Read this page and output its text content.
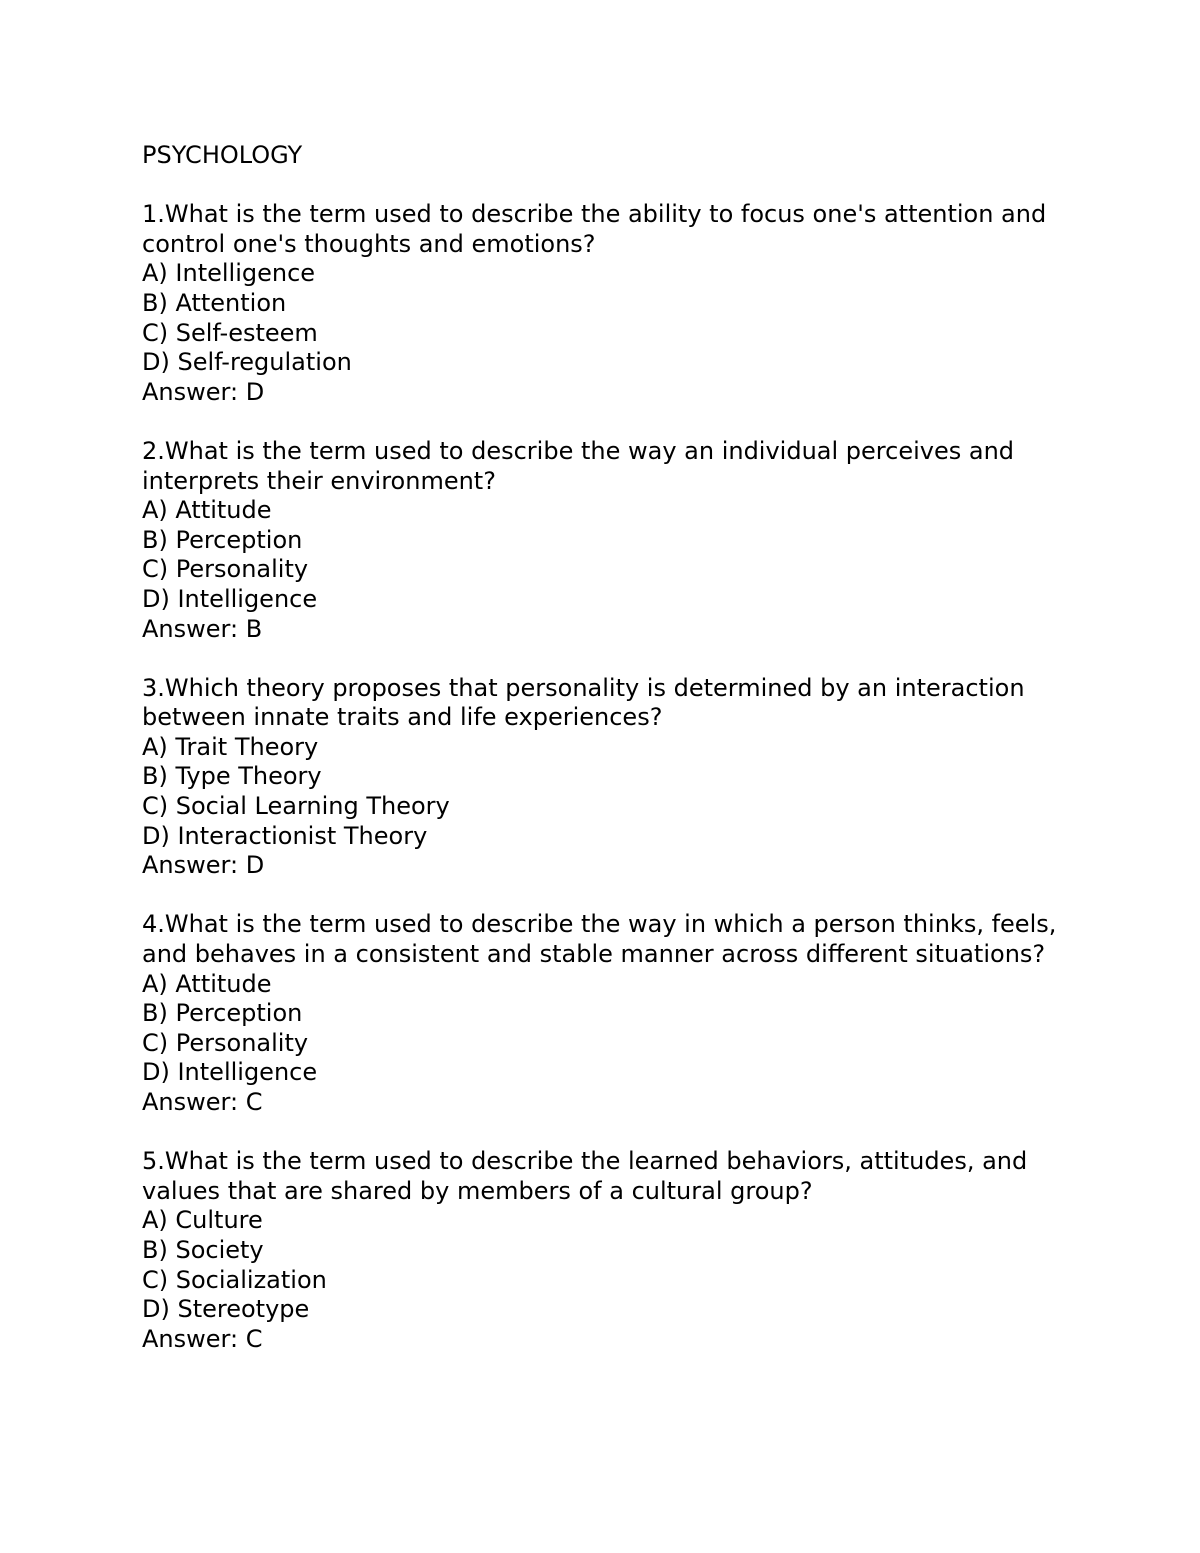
PSYCHOLOGY
1.What is the term used to describe the ability to focus one's attention and control one's thoughts and emotions?
A) Intelligence
B) Attention
C) Self-esteem
D) Self-regulation
Answer: D
2.What is the term used to describe the way an individual perceives and interprets their environment?
A) Attitude
B) Perception
C) Personality
D) Intelligence
Answer: B
3.Which theory proposes that personality is determined by an interaction between innate traits and life experiences?
A) Trait Theory
B) Type Theory
C) Social Learning Theory
D) Interactionist Theory
Answer: D
4.What is the term used to describe the way in which a person thinks, feels, and behaves in a consistent and stable manner across different situations?
A) Attitude
B) Perception
C) Personality
D) Intelligence
Answer: C
5.What is the term used to describe the learned behaviors, attitudes, and values that are shared by members of a cultural group?
A) Culture
B) Society
C) Socialization
D) Stereotype
Answer: C
